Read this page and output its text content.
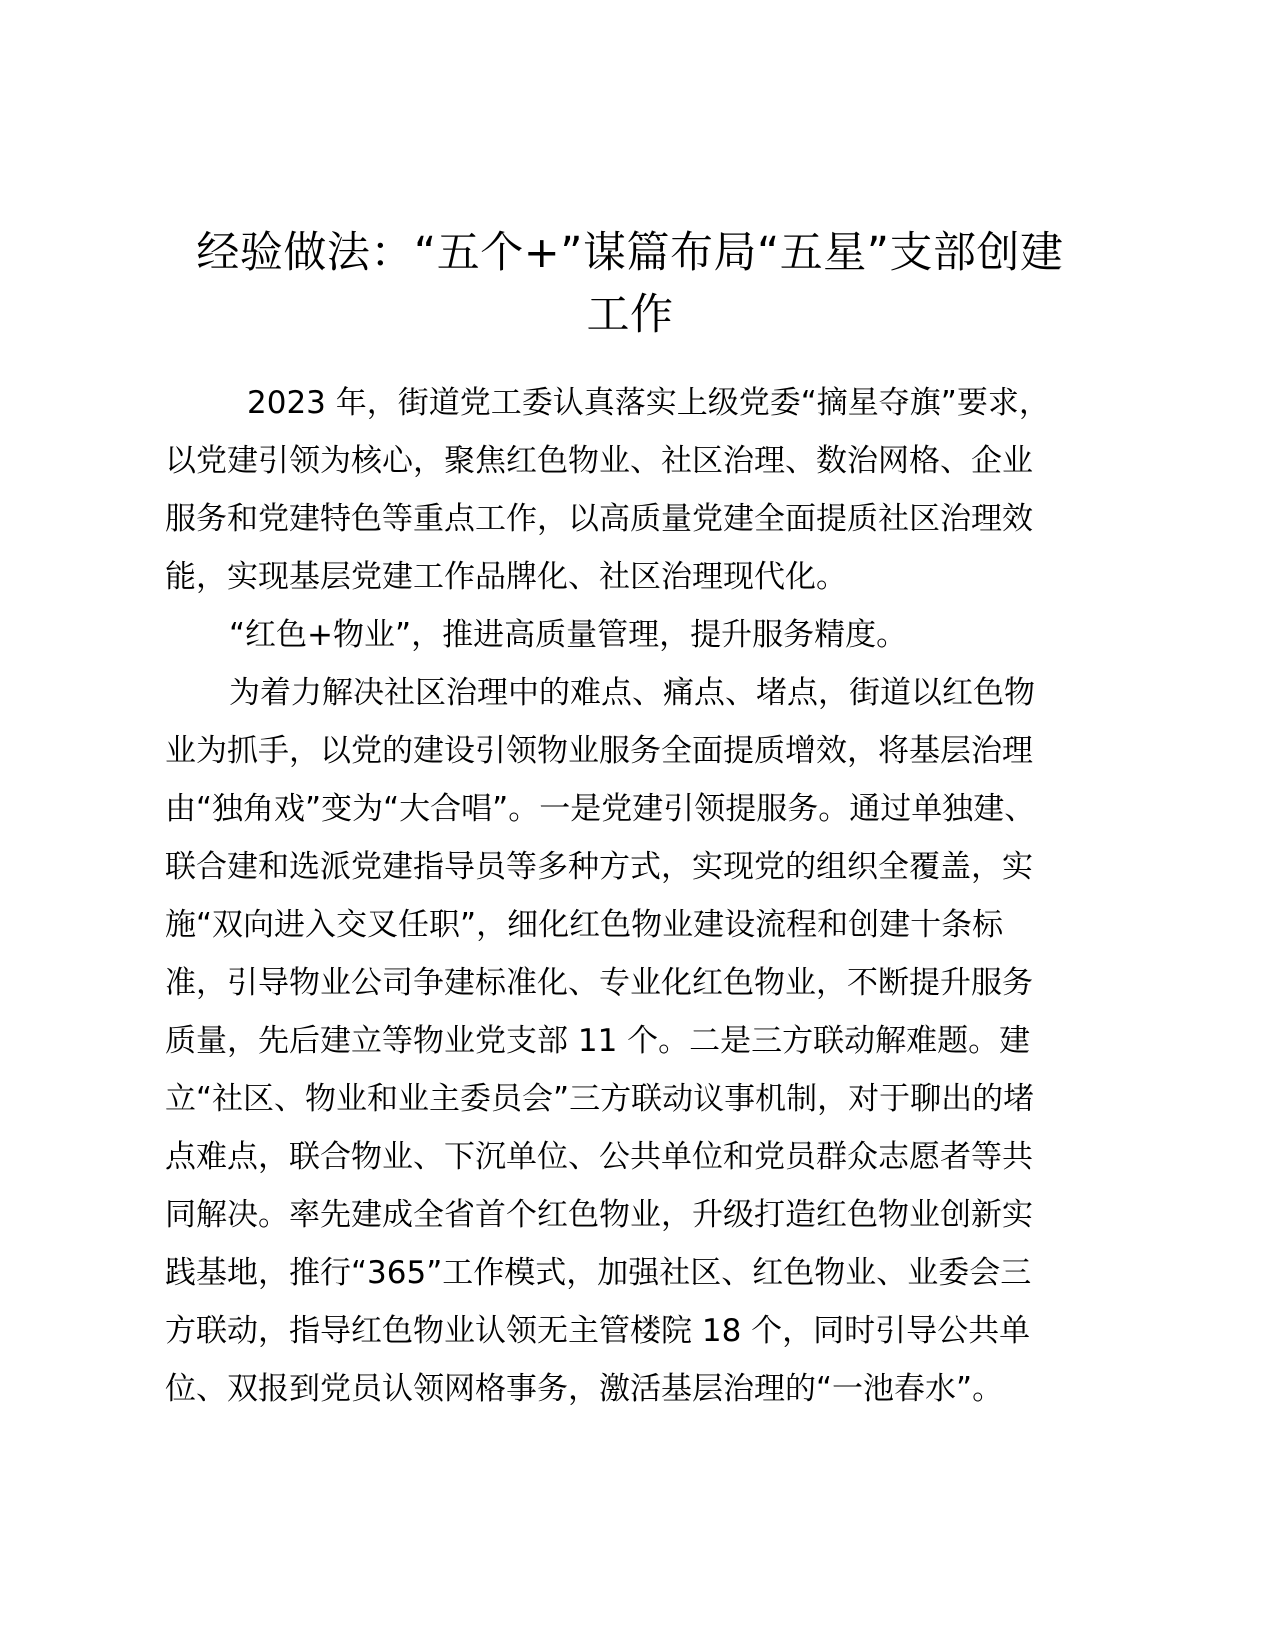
经验做法：“五个+”谋篇布局“五星”支部创建
工作

2023 年，街道党工委认真落实上级党委“摘星夺旗”要求，
以党建引领为核心，聚焦红色物业、社区治理、数治网格、企业
服务和党建特色等重点工作，以高质量党建全面提质社区治理效
能，实现基层党建工作品牌化、社区治理现代化。

“红色+物业”，推进高质量管理，提升服务精度。

为着力解决社区治理中的难点、痛点、堵点，街道以红色物
业为抓手，以党的建设引领物业服务全面提质增效，将基层治理
由“独角戏”变为“大合唱”。一是党建引领提服务。通过单独建、
联合建和选派党建指导员等多种方式，实现党的组织全覆盖，实
施“双向进入交叉任职”，细化红色物业建设流程和创建十条标
准，引导物业公司争建标准化、专业化红色物业，不断提升服务
质量，先后建立等物业党支部 11 个。二是三方联动解难题。建
立“社区、物业和业主委员会”三方联动议事机制，对于聊出的堵
点难点，联合物业、下沉单位、公共单位和党员群众志愿者等共
同解决。率先建成全省首个红色物业，升级打造红色物业创新实
践基地，推行“365”工作模式，加强社区、红色物业、业委会三
方联动，指导红色物业认领无主管楼院 18 个，同时引导公共单
位、双报到党员认领网格事务，激活基层治理的“一池春水”。
